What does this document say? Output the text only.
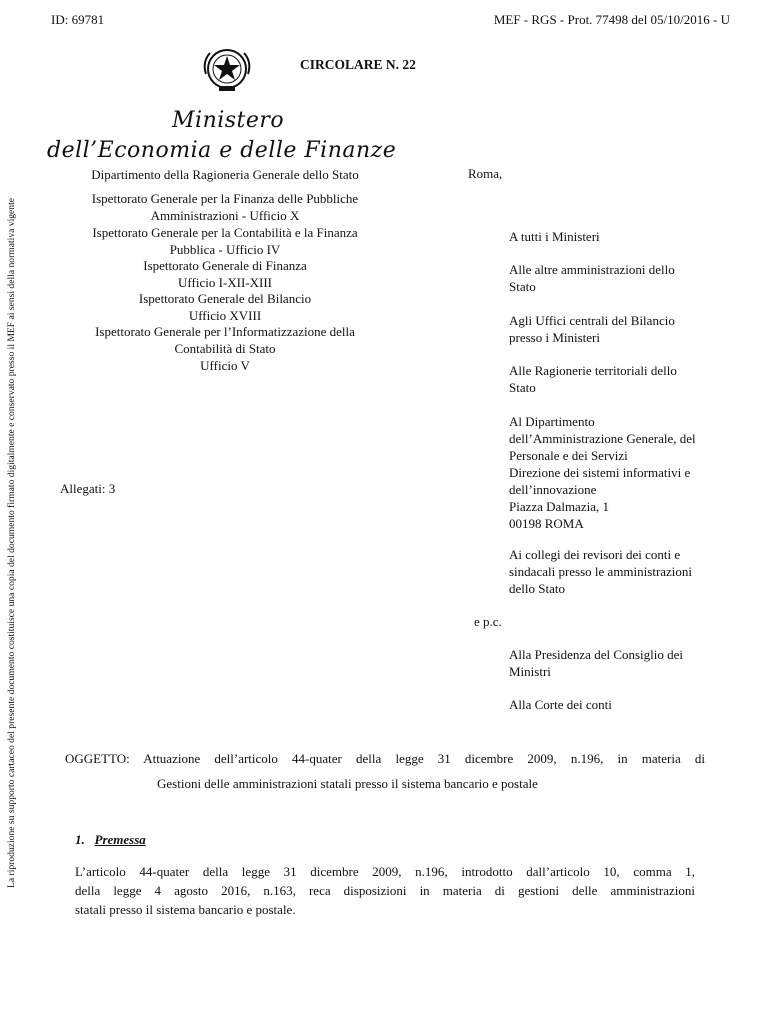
ID: 69781	MEF - RGS - Prot. 77498 del 05/10/2016 - U
CIRCOLARE N. 22
Ministero
dell’Economia e delle Finanze
La riproduzione su supporto cartaceo del presente documento costituisce una copia del documento firmato digitalmente e conservato presso il MEF ai sensi della normativa vigente
Dipartimento della Ragioneria Generale dello Stato
Ispettorato Generale per la Finanza delle Pubbliche
Amministrazioni - Ufficio X
Ispettorato Generale per la Contabilità e la Finanza
Pubblica - Ufficio IV
Ispettorato Generale di Finanza
Ufficio I-XII-XIII
Ispettorato Generale del Bilancio
Ufficio XVIII
Ispettorato Generale per l’Informatizzazione della
Contabilità di Stato
Ufficio V
Roma,
Allegati: 3
A tutti i Ministeri
Alle altre amministrazioni dello
Stato
Agli Uffici centrali del Bilancio
presso i Ministeri
Alle Ragionerie territoriali dello
Stato
Al Dipartimento
dell’Amministrazione Generale, del
Personale e dei Servizi
Direzione dei sistemi informativi e
dell’innovazione
Piazza Dalmazia, 1
00198 ROMA
Ai collegi dei revisori dei conti e
sindacali presso le amministrazioni
dello Stato
e p.c.
Alla Presidenza del Consiglio dei
Ministri
Alla Corte dei conti
OGGETTO: Attuazione dell’articolo 44-quater della legge 31 dicembre 2009, n.196, in materia di
Gestioni delle amministrazioni statali presso il sistema bancario e postale
1. Premessa
L’articolo 44-quater della legge 31 dicembre 2009, n.196, introdotto dall’articolo 10, comma 1,
della legge 4 agosto 2016, n.163, reca disposizioni in materia di gestioni delle amministrazioni
statali presso il sistema bancario e postale.
